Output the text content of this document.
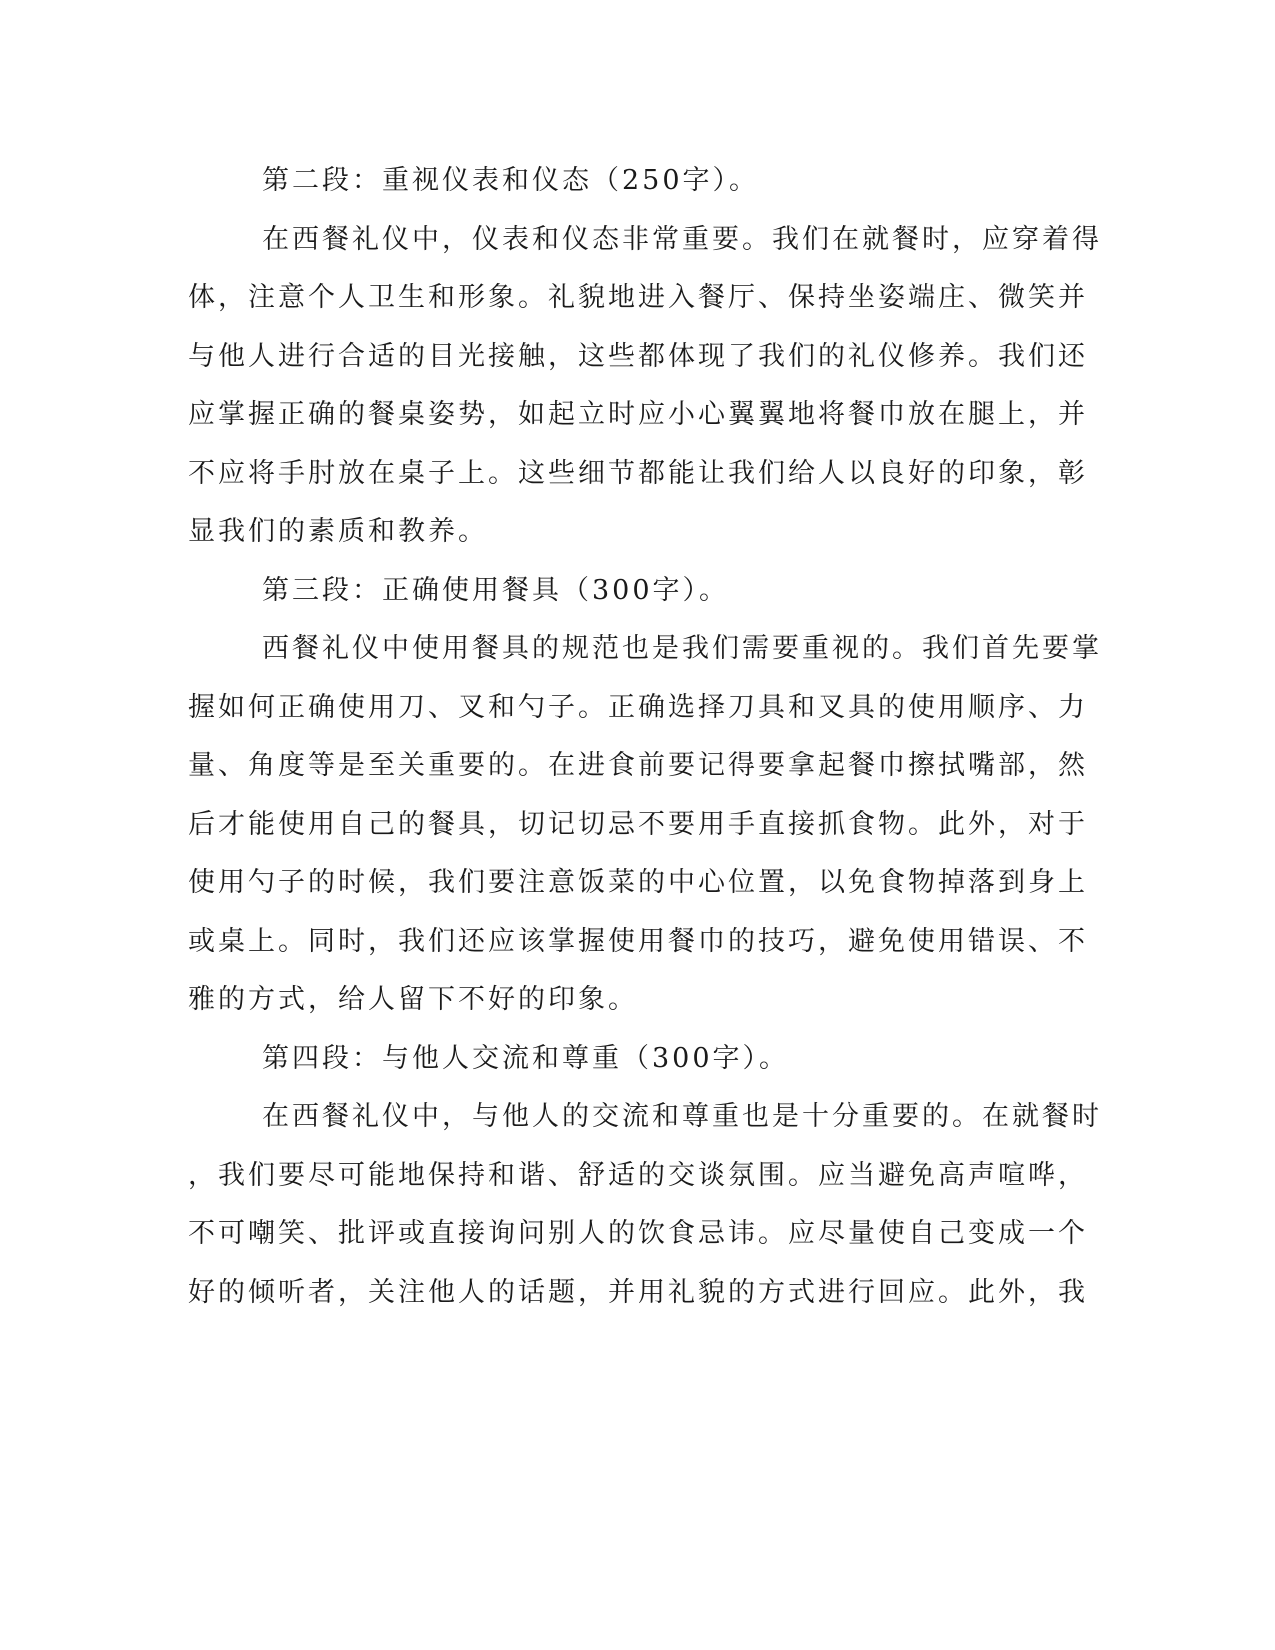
第二段：重视仪表和仪态（250字）。
在西餐礼仪中，仪表和仪态非常重要。我们在就餐时，应穿着得
体，注意个人卫生和形象。礼貌地进入餐厅、保持坐姿端庄、微笑并
与他人进行合适的目光接触，这些都体现了我们的礼仪修养。我们还
应掌握正确的餐桌姿势，如起立时应小心翼翼地将餐巾放在腿上，并
不应将手肘放在桌子上。这些细节都能让我们给人以良好的印象，彰
显我们的素质和教养。
第三段：正确使用餐具（300字）。
西餐礼仪中使用餐具的规范也是我们需要重视的。我们首先要掌
握如何正确使用刀、叉和勺子。正确选择刀具和叉具的使用顺序、力
量、角度等是至关重要的。在进食前要记得要拿起餐巾擦拭嘴部，然
后才能使用自己的餐具，切记切忌不要用手直接抓食物。此外，对于
使用勺子的时候，我们要注意饭菜的中心位置，以免食物掉落到身上
或桌上。同时，我们还应该掌握使用餐巾的技巧，避免使用错误、不
雅的方式，给人留下不好的印象。
第四段：与他人交流和尊重（300字）。
在西餐礼仪中，与他人的交流和尊重也是十分重要的。在就餐时
，我们要尽可能地保持和谐、舒适的交谈氛围。应当避免高声喧哗，
不可嘲笑、批评或直接询问别人的饮食忌讳。应尽量使自己变成一个
好的倾听者，关注他人的话题，并用礼貌的方式进行回应。此外，我
